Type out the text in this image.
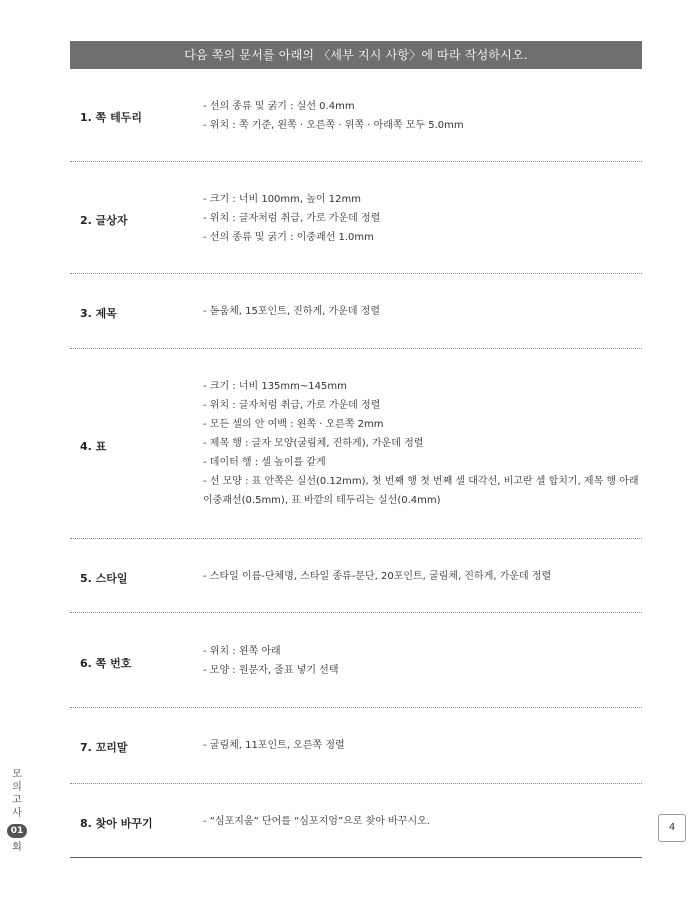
다음 쪽의 문서를 아래의 〈세부 지시 사항〉에 따라 작성하시오.
1. 쪽 테두리
- 선의 종류 및 굵기 : 실선 0.4mm
- 위치 : 쪽 기준, 왼쪽 · 오른쪽 · 위쪽 · 아래쪽 모두 5.0mm
2. 글상자
- 크기 : 너비 100mm, 높이 12mm
- 위치 : 글자처럼 취급, 가로 가운데 정렬
- 선의 종류 및 굵기 : 이중괘선 1.0mm
3. 제목	- 돋움체, 15포인트, 진하게, 가운데 정렬
4. 표
- 크기 : 너비 135mm~145mm
- 위치 : 글자처럼 취급, 가로 가운데 정렬
- 모든 셀의 안 여백 : 왼쪽 · 오른쪽 2mm
- 제목 행 : 글자 모양(굴림체, 진하게), 가운데 정렬
- 데이터 행 : 셀 높이를 같게
- 선 모양 : 표 안쪽은 실선(0.12mm), 첫 번째 행 첫 번째 셀 대각선, 비고란 셀 합치기, 제목 행 아래 이중괘선(0.5mm), 표 바깥의 테두리는 실선(0.4mm)
5. 스타일	- 스타일 이름-단체명, 스타일 종류-문단, 20포인트, 굴림체, 진하게, 가운데 정렬
6. 쪽 번호
- 위치 : 왼쪽 아래
- 모양 : 원문자, 줄표 넣기 선택
7. 꼬리말	- 굴림체, 11포인트, 오른쪽 정렬
8. 찾아 바꾸기	- “심포지움” 단어를 “심포지엄”으로 찾아 바꾸시오.
모의고사
01
회
4
